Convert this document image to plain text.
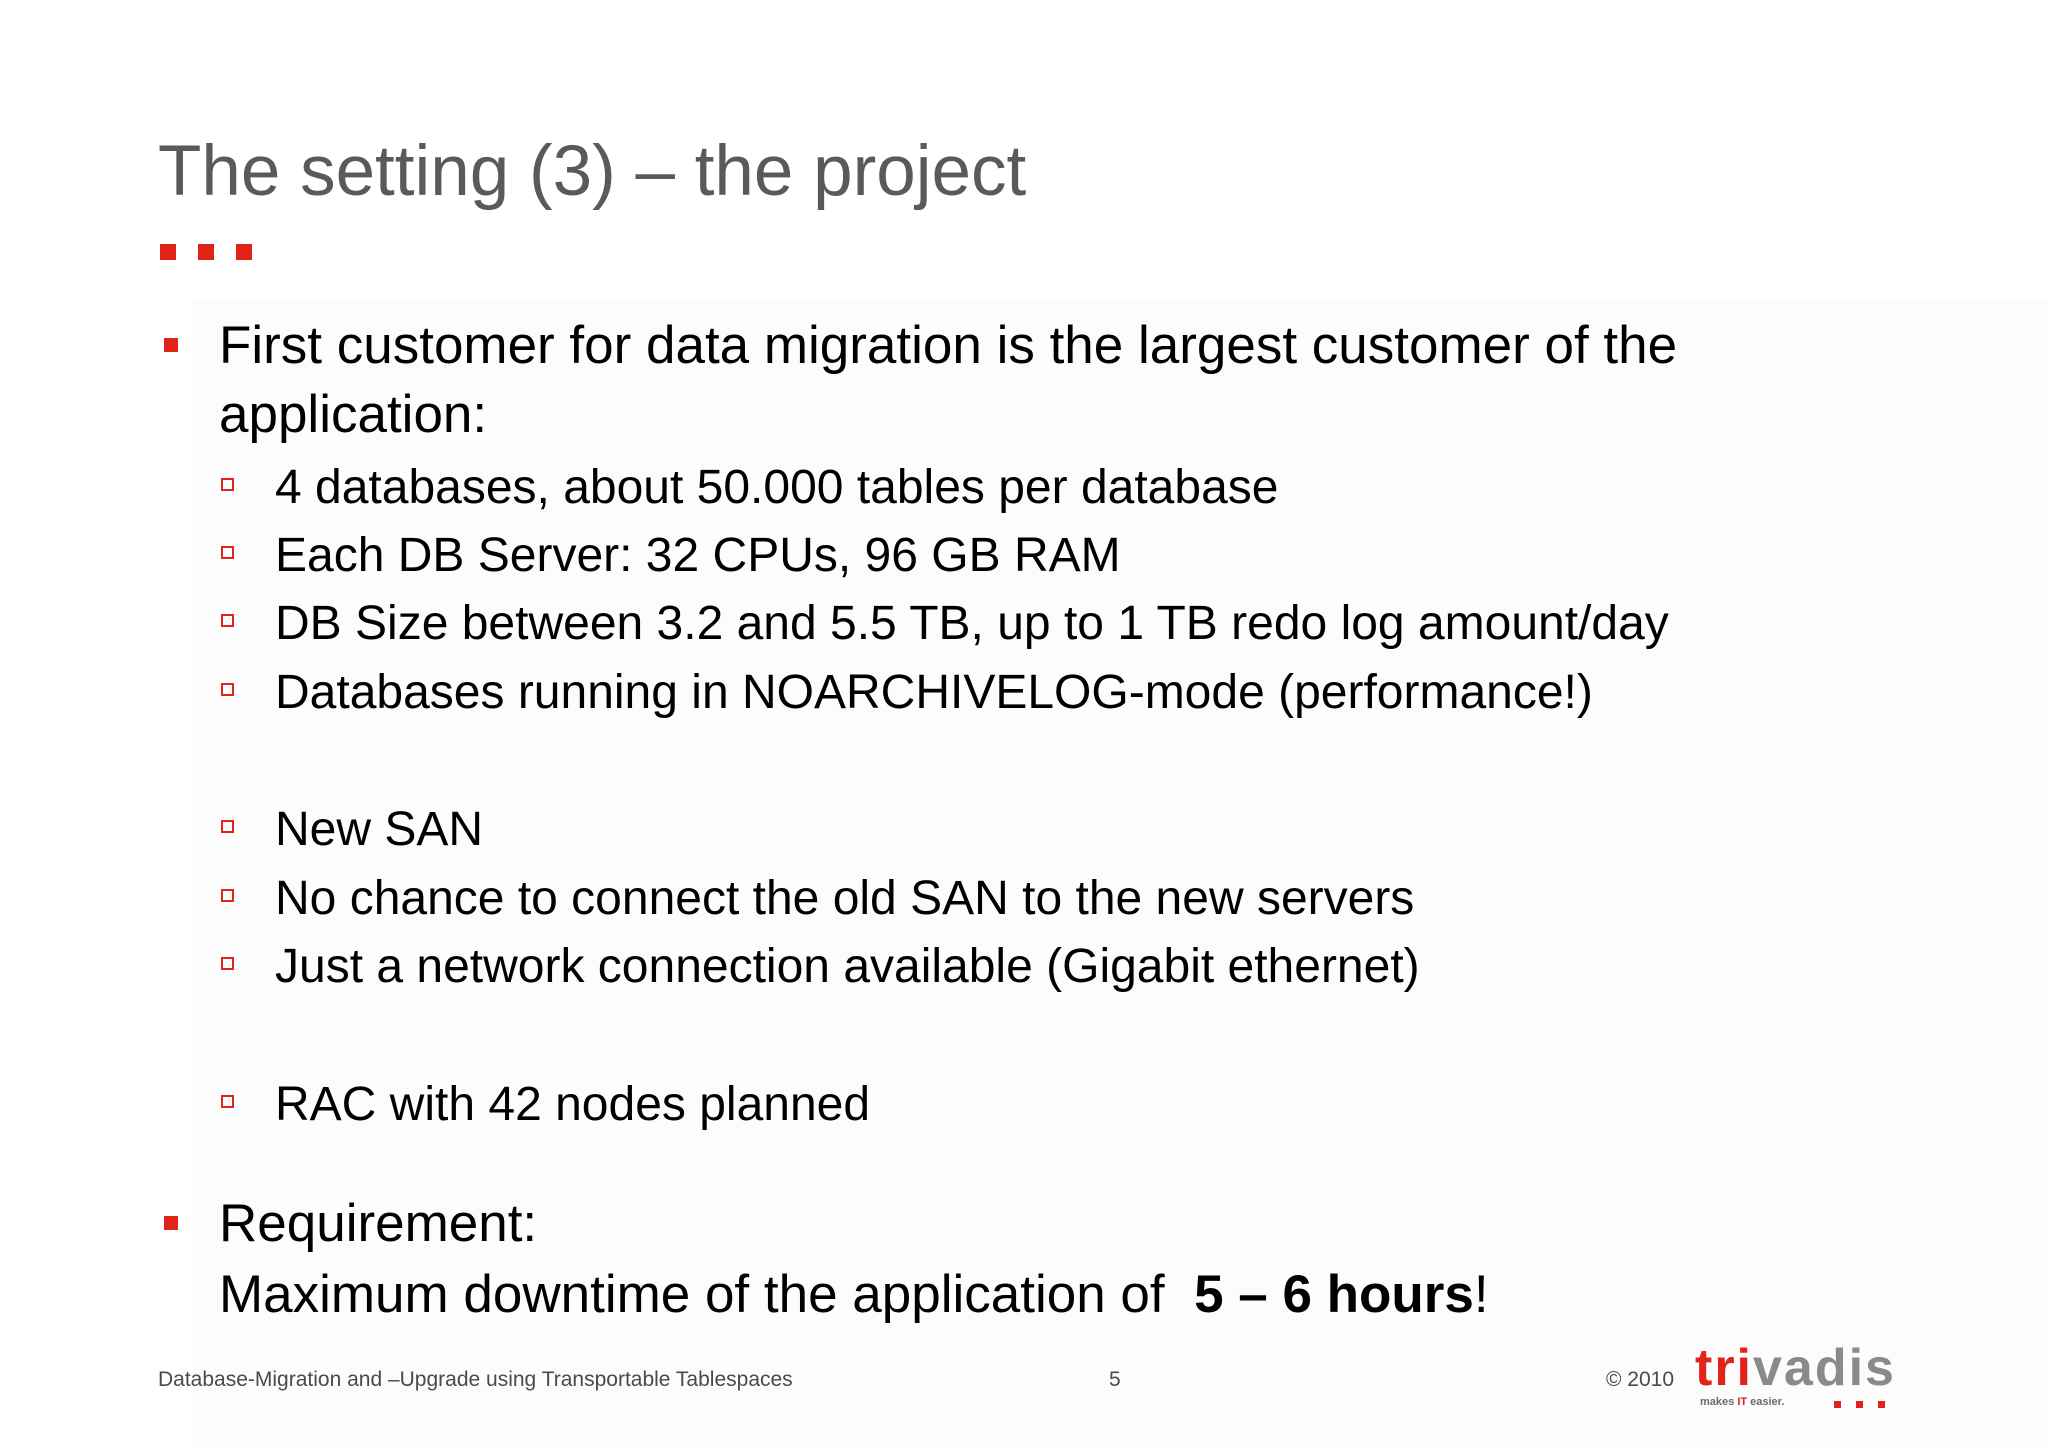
The setting (3) – the project
First customer for data migration is the largest customer of the
application:
4 databases, about 50.000 tables per database
Each DB Server: 32 CPUs, 96 GB RAM
DB Size between 3.2 and 5.5 TB, up to 1 TB redo log amount/day
Databases running in NOARCHIVELOG-mode (performance!)
New SAN
No chance to connect the old SAN to the new servers
Just a network connection available (Gigabit ethernet)
RAC with 42 nodes planned
Requirement:
Maximum downtime of the application of  5 – 6 hours!
Database-Migration and –Upgrade using Transportable Tablespaces	5	© 2010 trivadis
makes IT easier.
